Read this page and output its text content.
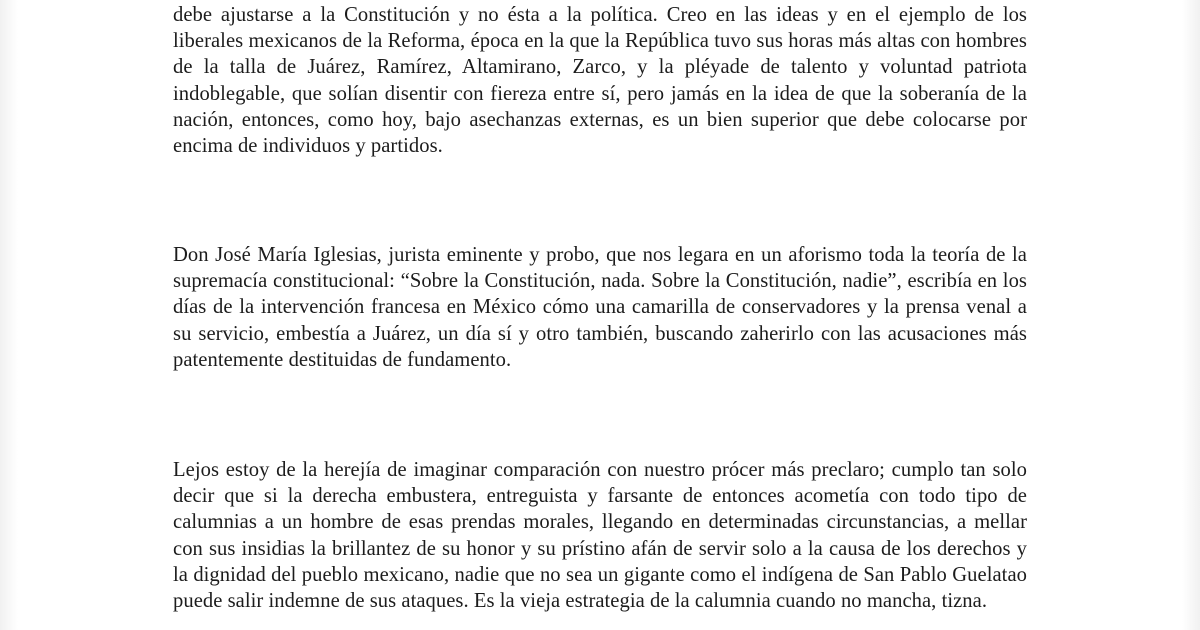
debe ajustarse a la Constitución y no ésta a la política. Creo en las ideas y en el ejemplo de los liberales mexicanos de la Reforma, época en la que la República tuvo sus horas más altas con hombres de la talla de Juárez, Ramírez, Altamirano, Zarco, y la pléyade de talento y voluntad patriota indoblegable, que solían disentir con fiereza entre sí, pero jamás en la idea de que la soberanía de la nación, entonces, como hoy, bajo asechanzas externas, es un bien superior que debe colocarse por encima de individuos y partidos.

Don José María Iglesias, jurista eminente y probo, que nos legara en un aforismo toda la teoría de la supremacía constitucional: “Sobre la Constitución, nada. Sobre la Constitución, nadie”, escribía en los días de la intervención francesa en México cómo una camarilla de conservadores y la prensa venal a su servicio, embestía a Juárez, un día sí y otro también, buscando zaherirlo con las acusaciones más patentemente destituidas de fundamento.

Lejos estoy de la herejía de imaginar comparación con nuestro prócer más preclaro; cumplo tan solo decir que si la derecha embustera, entreguista y farsante de entonces acometía con todo tipo de calumnias a un hombre de esas prendas morales, llegando en determinadas circunstancias, a mellar con sus insidias la brillantez de su honor y su prístino afán de servir solo a la causa de los derechos y la dignidad del pueblo mexicano, nadie que no sea un gigante como el indígena de San Pablo Guelatao puede salir indemne de sus ataques. Es la vieja estrategia de la calumnia cuando no mancha, tizna.
